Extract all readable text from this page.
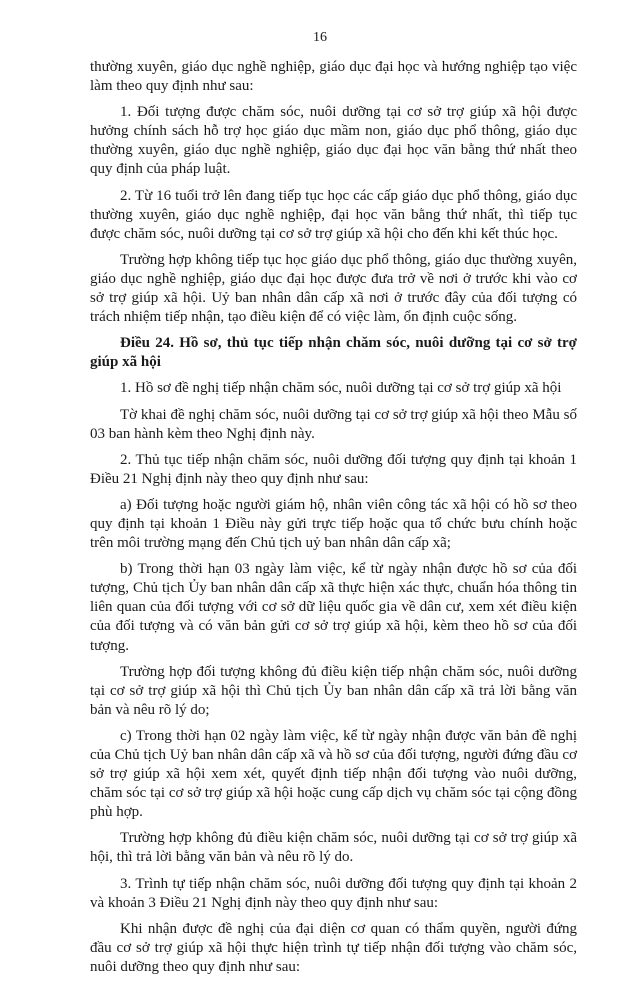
16

thường xuyên, giáo dục nghề nghiệp, giáo dục đại học và hướng nghiệp tạo việc làm theo quy định như sau:

1. Đối tượng được chăm sóc, nuôi dưỡng tại cơ sở trợ giúp xã hội được hưởng chính sách hỗ trợ học giáo dục mầm non, giáo dục phổ thông, giáo dục thường xuyên, giáo dục nghề nghiệp, giáo dục đại học văn bằng thứ nhất theo quy định của pháp luật.

2. Từ 16 tuổi trở lên đang tiếp tục học các cấp giáo dục phổ thông, giáo dục thường xuyên, giáo dục nghề nghiệp, đại học văn bằng thứ nhất, thì tiếp tục được chăm sóc, nuôi dưỡng tại cơ sở trợ giúp xã hội cho đến khi kết thúc học.

Trường hợp không tiếp tục học giáo dục phổ thông, giáo dục thường xuyên, giáo dục nghề nghiệp, giáo dục đại học được đưa trở về nơi ở trước khi vào cơ sở trợ giúp xã hội. Uỷ ban nhân dân cấp xã nơi ở trước đây của đối tượng có trách nhiệm tiếp nhận, tạo điều kiện để có việc làm, ổn định cuộc sống.

Điều 24. Hồ sơ, thủ tục tiếp nhận chăm sóc, nuôi dưỡng tại cơ sở trợ giúp xã hội

1. Hồ sơ đề nghị tiếp nhận chăm sóc, nuôi dưỡng tại cơ sở trợ giúp xã hội

Tờ khai đề nghị chăm sóc, nuôi dưỡng tại cơ sở trợ giúp xã hội theo Mẫu số 03 ban hành kèm theo Nghị định này.

2. Thủ tục tiếp nhận chăm sóc, nuôi dưỡng đối tượng quy định tại khoản 1 Điều 21 Nghị định này theo quy định như sau:

a) Đối tượng hoặc người giám hộ, nhân viên công tác xã hội có hồ sơ theo quy định tại khoản 1 Điều này gửi trực tiếp hoặc qua tổ chức bưu chính hoặc trên môi trường mạng đến Chủ tịch uỷ ban nhân dân cấp xã;

b) Trong thời hạn 03 ngày làm việc, kể từ ngày nhận được hồ sơ của đối tượng, Chủ tịch Ủy ban nhân dân cấp xã thực hiện xác thực, chuẩn hóa thông tin liên quan của đối tượng với cơ sở dữ liệu quốc gia về dân cư, xem xét điều kiện của đối tượng và có văn bản gửi cơ sở trợ giúp xã hội, kèm theo hồ sơ của đối tượng.

Trường hợp đối tượng không đủ điều kiện tiếp nhận chăm sóc, nuôi dưỡng tại cơ sở trợ giúp xã hội thì Chủ tịch Ủy ban nhân dân cấp xã trả lời bằng văn bản và nêu rõ lý do;

c) Trong thời hạn 02 ngày làm việc, kể từ ngày nhận được văn bản đề nghị của Chủ tịch Uỷ ban nhân dân cấp xã và hồ sơ của đối tượng, người đứng đầu cơ sở trợ giúp xã hội xem xét, quyết định tiếp nhận đối tượng vào nuôi dưỡng, chăm sóc tại cơ sở trợ giúp xã hội hoặc cung cấp dịch vụ chăm sóc tại cộng đồng phù hợp.

Trường hợp không đủ điều kiện chăm sóc, nuôi dưỡng tại cơ sở trợ giúp xã hội, thì trả lời bằng văn bản và nêu rõ lý do.

3. Trình tự tiếp nhận chăm sóc, nuôi dưỡng đối tượng quy định tại khoản 2 và khoản 3 Điều 21 Nghị định này theo quy định như sau:

Khi nhận được đề nghị của đại diện cơ quan có thẩm quyền, người đứng đầu cơ sở trợ giúp xã hội thực hiện trình tự tiếp nhận đối tượng vào chăm sóc, nuôi dưỡng theo quy định như sau:
